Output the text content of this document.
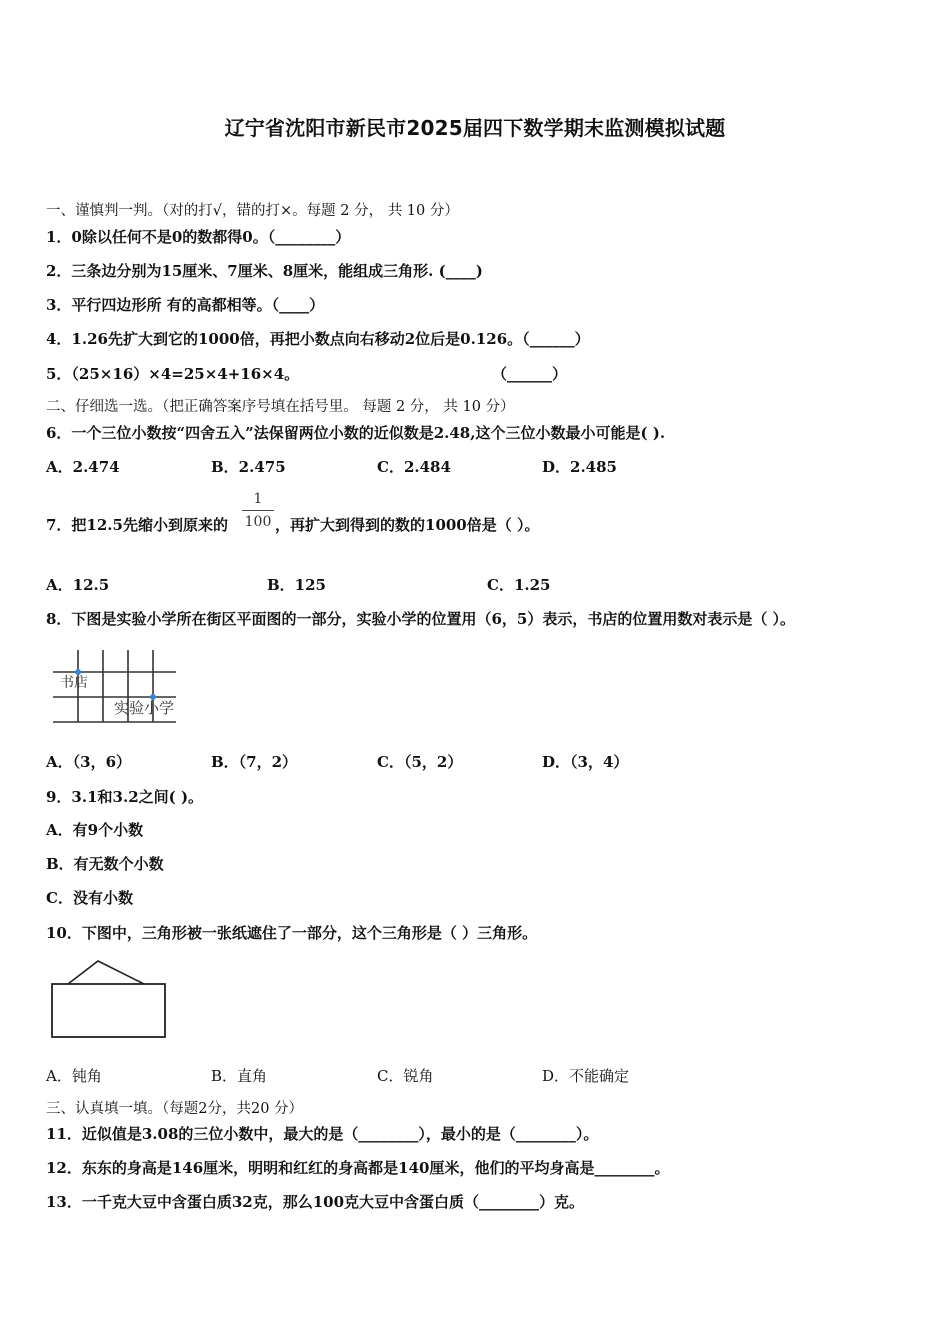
辽宁省沈阳市新民市2025届四下数学期末监测模拟试题
一、谨慎判一判。（对的打√，错的打×。每题 2 分， 共 10 分）
1．0除以任何不是0的数都得0。（________）
2．三条边分别为15厘米、7厘米、8厘米，能组成三角形. (____)
3．平行四边形所 有的高都相等。（____）
4．1.26先扩大到它的1000倍，再把小数点向右移动2位后是0.126。（______）
5．（25×16）×4=25×4+16×4。	（______）
二、仔细选一选。（把正确答案序号填在括号里。 每题 2 分， 共 10 分）
6．一个三位小数按“四舍五入”法保留两位小数的近似数是2.48,这个三位小数最小可能是( ).
A．2.474	B．2.475	C．2.484	D．2.485
7．把12.5先缩小到原来的
1
100 ，再扩大到得到的数的1000倍是（ ）。
A．12.5	B．125	C．1.25
8．下图是实验小学所在街区平面图的一部分，实验小学的位置用（6，5）表示，书店的位置用数对表示是（ ）。
书店
实验小学
A．（3，6）	B．（7，2）	C．（5，2）	D．（3，4）
9．3.1和3.2之间( )。
A．有9个小数
B．有无数个小数
C．没有小数
10．下图中，三角形被一张纸遮住了一部分，这个三角形是（ ）三角形。
A．钝角	B．直角	C．锐角	D．不能确定
三、认真填一填。（每题2分，共20 分）
11．近似值是3.08的三位小数中，最大的是（________），最小的是（________）。
12．东东的身高是146厘米，明明和红红的身高都是140厘米，他们的平均身高是________。
13．一千克大豆中含蛋白质32克，那么100克大豆中含蛋白质（________）克。
